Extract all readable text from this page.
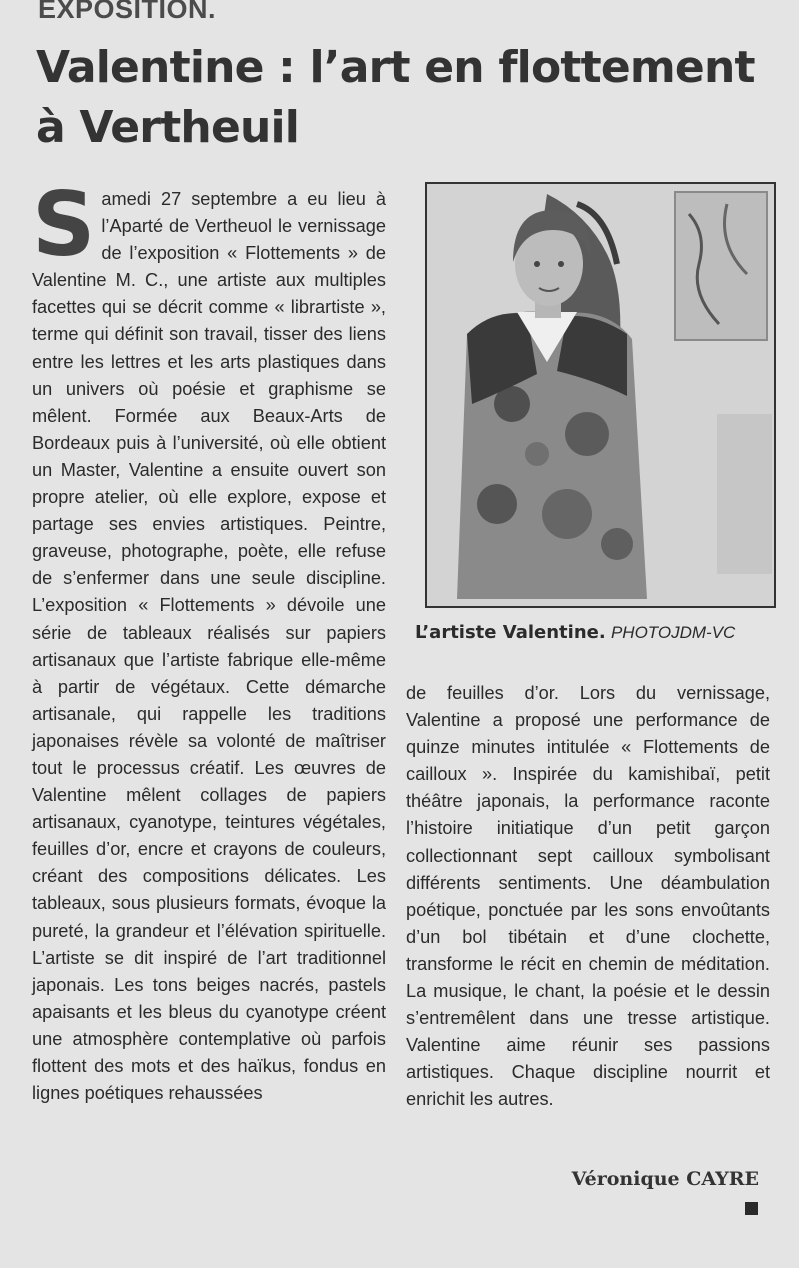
EXPOSITION.
Valentine : l’art en flottement à Vertheuil
S amedi 27 septembre a eu lieu à l’Aparté de Vertheuol le vernissage de l’exposition « Flottements » de Valentine M. C., une artiste aux multiples facettes qui se décrit comme « librartiste », terme qui définit son travail, tisser des liens entre les lettres et les arts plastiques dans un univers où poésie et graphisme se mêlent. Formée aux Beaux-Arts de Bordeaux puis à l’université, où elle obtient un Master, Valentine a ensuite ouvert son propre atelier, où elle explore, expose et partage ses envies artistiques. Peintre, graveuse, photographe, poète, elle refuse de s’enfermer dans une seule discipline. L’exposition « Flottements » dévoile une série de tableaux réalisés sur papiers artisanaux que l’artiste fabrique elle-même à partir de végétaux. Cette démarche artisanale, qui rappelle les traditions japonaises révèle sa volonté de maîtriser tout le processus créatif. Les œuvres de Valentine mêlent collages de papiers artisanaux, cyanotype, teintures végétales, feuilles d’or, encre et crayons de couleurs, créant des compositions délicates. Les tableaux, sous plusieurs formats, évoque la pureté, la grandeur et l’élévation spirituelle. L’artiste se dit inspiré de l’art traditionnel japonais. Les tons beiges nacrés, pastels apaisants et les bleus du cyanotype créent une atmosphère contemplative où parfois flottent des mots et des haïkus, fondus en lignes poétiques rehaussées
L’artiste Valentine. PHOTOJDM-VC
de feuilles d’or. Lors du vernissage, Valentine a proposé une performance de quinze minutes intitulée « Flottements de cailloux ». Inspirée du kamishibaï, petit théâtre japonais, la performance raconte l’histoire initiatique d’un petit garçon collectionnant sept cailloux symbolisant différents sentiments. Une déambulation poétique, ponctuée par les sons envoûtants d’un bol tibétain et d’une clochette, transforme le récit en chemin de méditation. La musique, le chant, la poésie et le dessin s’entremêlent dans une tresse artistique. Valentine aime réunir ses passions artistiques. Chaque discipline nourrit et enrichit les autres.
Véronique CAYRE
